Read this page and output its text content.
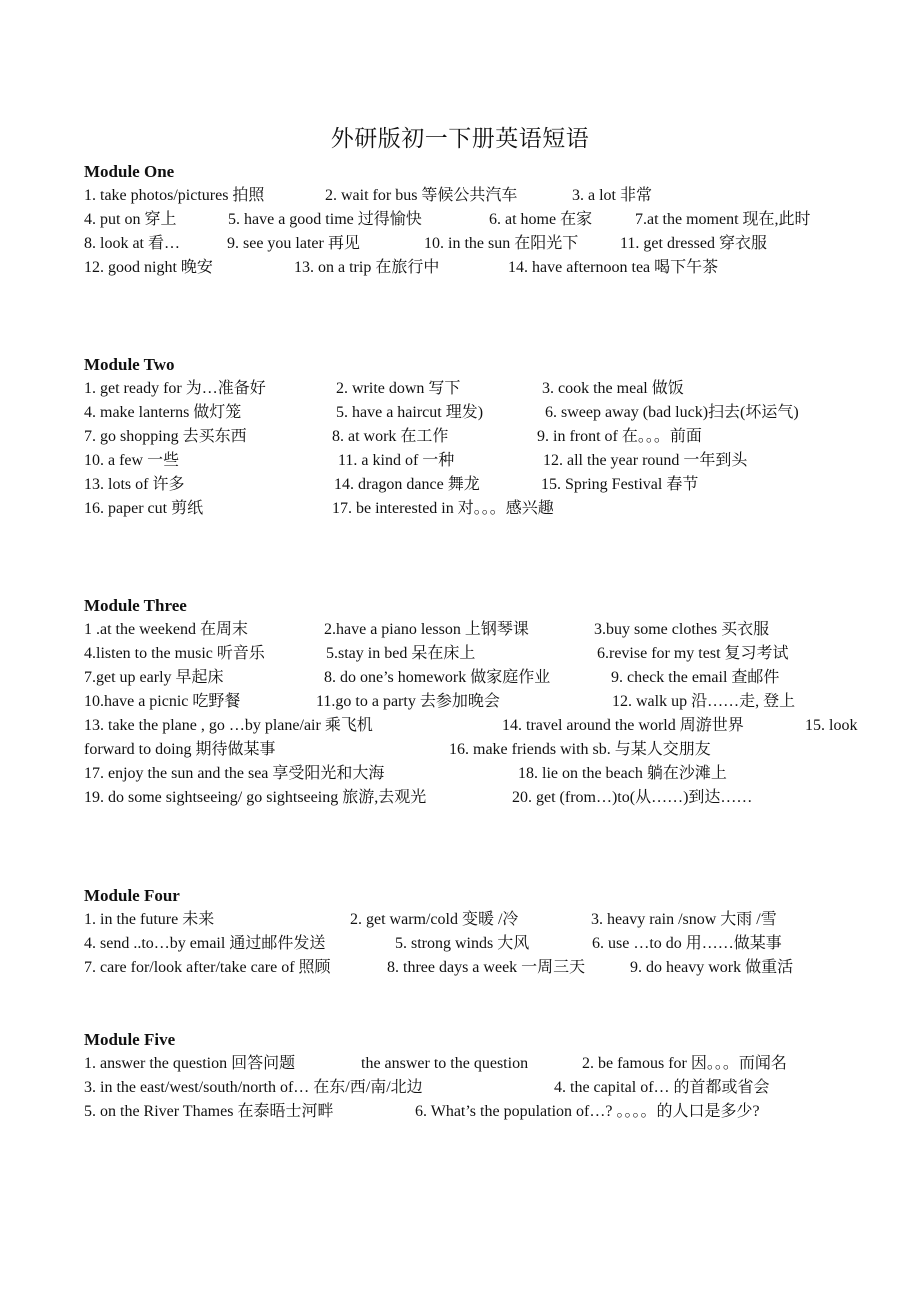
外研版初一下册英语短语
Module One
1. take photos/pictures 拍照	2. wait for bus 等候公共汽车	3. a lot 非常
4. put on 穿上	5. have a good time 过得愉快	6. at home 在家	7.at the moment 现在,此时
8. look at 看…	9. see you later 再见	10. in the sun 在阳光下	11. get dressed 穿衣服
12. good night 晚安	13. on a trip 在旅行中	14. have afternoon tea 喝下午茶
Module Two
1. get ready for 为…准备好	2. write down 写下	3. cook the meal 做饭
4. make lanterns 做灯笼	5. have a haircut 理发)	6. sweep away (bad luck)扫去(坏运气)
7. go shopping 去买东西	8. at work 在工作	9. in front of 在。。。前面
10. a few 一些	11. a kind of 一种	12. all the year round 一年到头
13. lots of 许多	14. dragon dance 舞龙	15. Spring Festival 春节
16. paper cut 剪纸	17. be interested in 对。。。感兴趣
Module Three
1 .at the weekend 在周末	2.have a piano lesson 上钢琴课	3.buy some clothes 买衣服
4.listen to the music 听音乐	5.stay in bed 呆在床上	6.revise for my test 复习考试
7.get up early 早起床	8. do one’s homework 做家庭作业	9. check the email 查邮件
10.have a picnic 吃野餐	11.go to a party 去参加晚会	12. walk up 沿……走, 登上
13. take the plane , go …by plane/air 乘飞机	14. travel around the world 周游世界	15. look
forward to doing 期待做某事	16. make friends with sb. 与某人交朋友
17. enjoy the sun and the sea 享受阳光和大海	18. lie on the beach 躺在沙滩上
19. do some sightseeing/ go sightseeing 旅游,去观光	20. get (from…)to(从……)到达……
Module Four
1. in the future 未来	2. get warm/cold 变暖 /冷	3. heavy rain /snow 大雨 /雪
4. send ..to…by email 通过邮件发送	5. strong winds 大风	6. use …to do 用……做某事
7. care for/look after/take care of 照顾	8. three days a week 一周三天	9. do heavy work 做重活
Module Five
1. answer the question 回答问题	the answer to the question	2. be famous for 因。。。而闻名
3. in the east/west/south/north of… 在东/西/南/北边	4. the capital of… 的首都或省会
5. on the River Thames 在泰晤士河畔	6. What’s the population of…? 。。。。的人口是多少?
